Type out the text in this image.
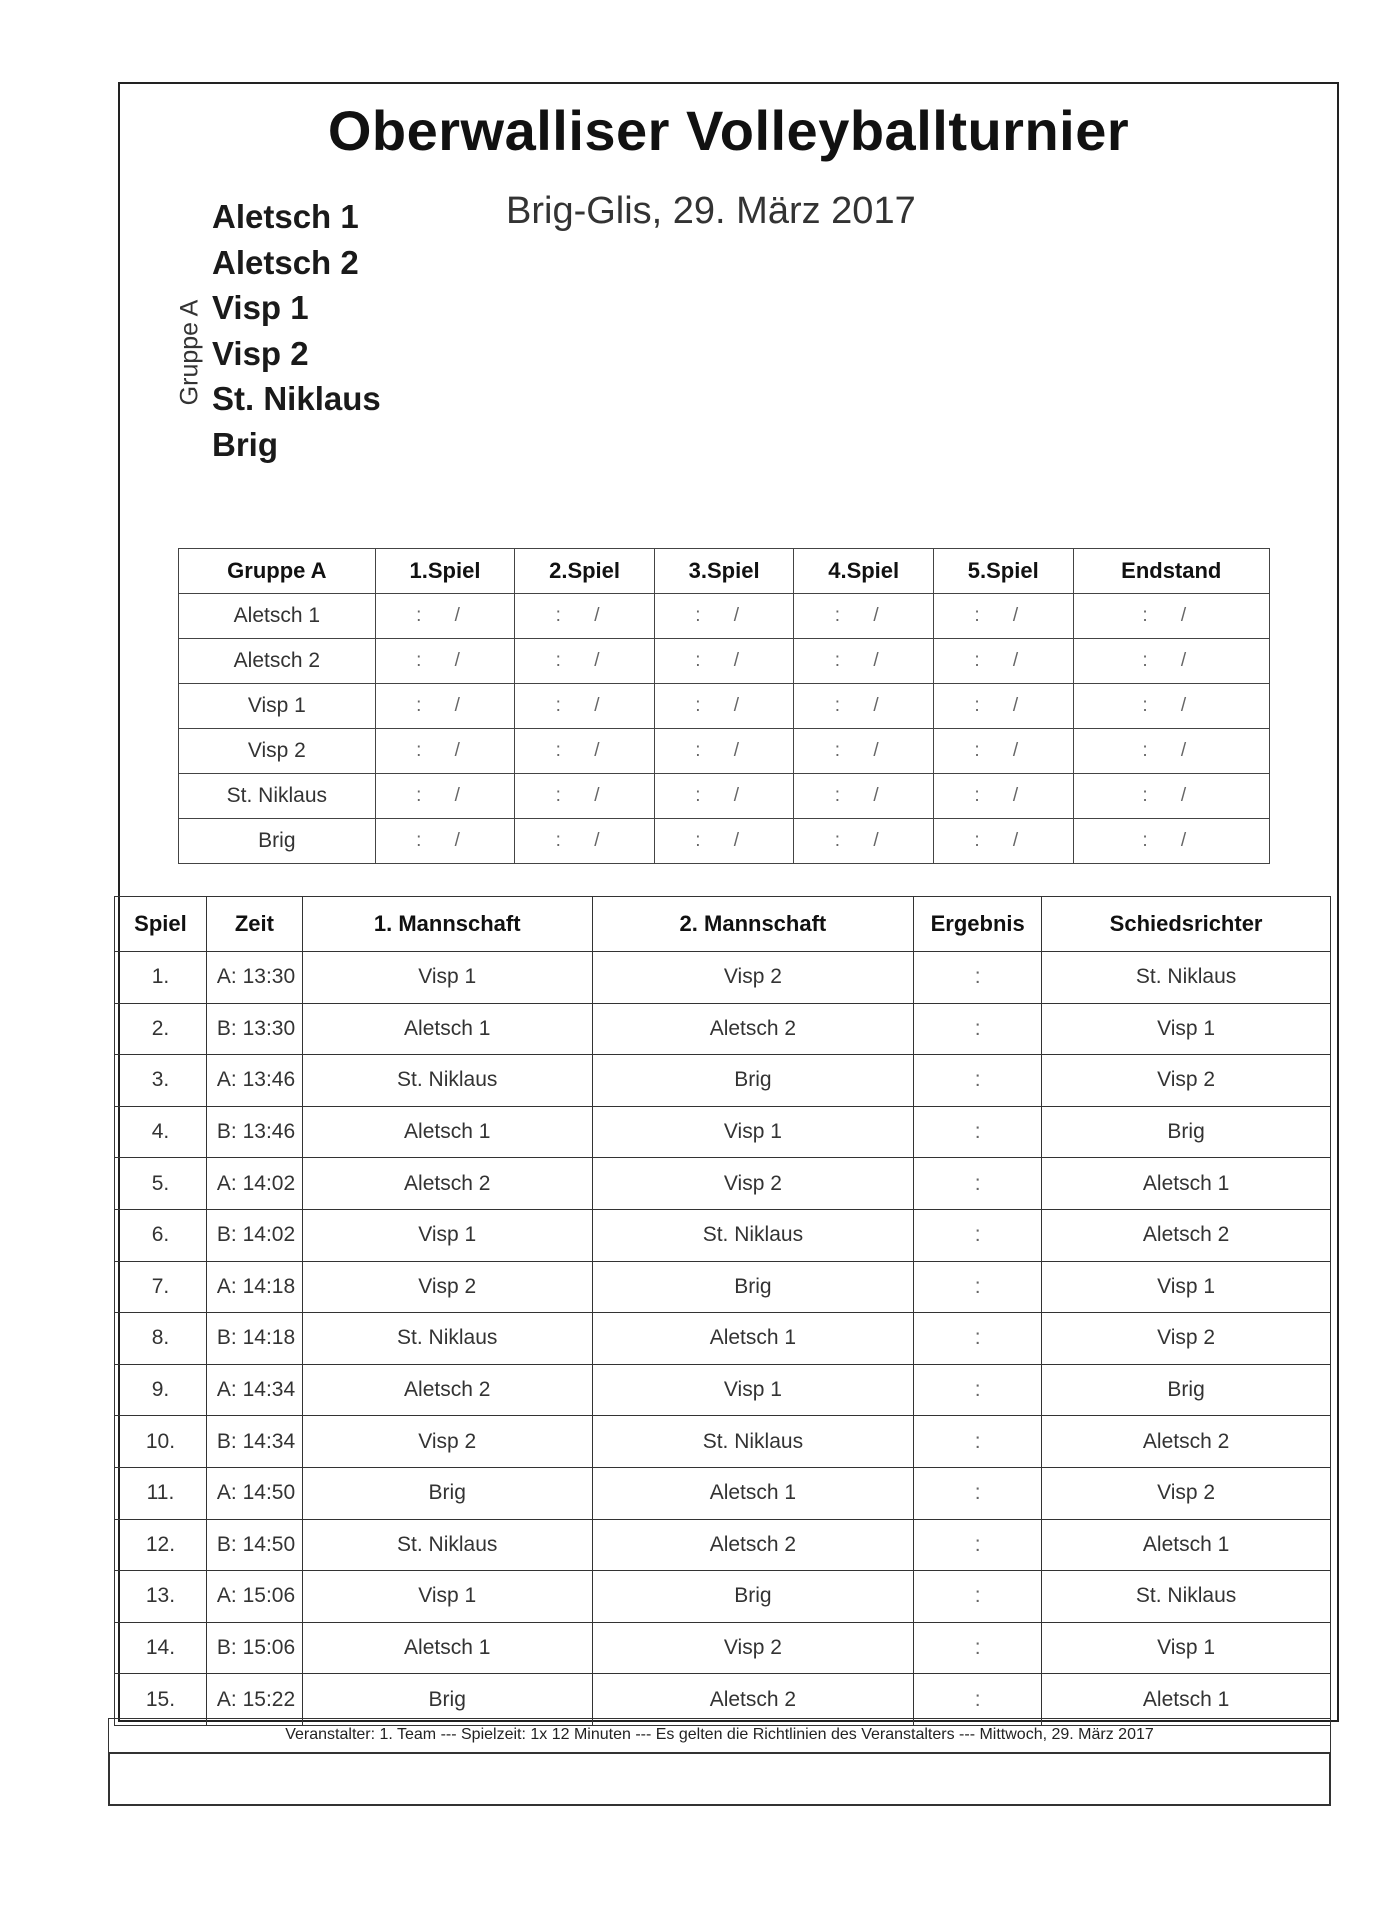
Oberwalliser Volleyballturnier
Gruppe A
Aletsch 1
Aletsch 2
Visp 1
Visp 2
St. Niklaus
Brig
Brig-Glis, 29. März 2017
Gruppe A	1.Spiel	2.Spiel	3.Spiel	4.Spiel	5.Spiel	Endstand
Aletsch 1	: /	: /	: /	: /	: /	: /
Aletsch 2	: /	: /	: /	: /	: /	: /
Visp 1	: /	: /	: /	: /	: /	: /
Visp 2	: /	: /	: /	: /	: /	: /
St. Niklaus	: /	: /	: /	: /	: /	: /
Brig	: /	: /	: /	: /	: /	: /
Spiel	Zeit	1. Mannschaft	2. Mannschaft	Ergebnis	Schiedsrichter
1.	A: 13:30	Visp 1	Visp 2	:	St. Niklaus
2.	B: 13:30	Aletsch 1	Aletsch 2	:	Visp 1
3.	A: 13:46	St. Niklaus	Brig	:	Visp 2
4.	B: 13:46	Aletsch 1	Visp 1	:	Brig
5.	A: 14:02	Aletsch 2	Visp 2	:	Aletsch 1
6.	B: 14:02	Visp 1	St. Niklaus	:	Aletsch 2
7.	A: 14:18	Visp 2	Brig	:	Visp 1
8.	B: 14:18	St. Niklaus	Aletsch 1	:	Visp 2
9.	A: 14:34	Aletsch 2	Visp 1	:	Brig
10.	B: 14:34	Visp 2	St. Niklaus	:	Aletsch 2
11.	A: 14:50	Brig	Aletsch 1	:	Visp 2
12.	B: 14:50	St. Niklaus	Aletsch 2	:	Aletsch 1
13.	A: 15:06	Visp 1	Brig	:	St. Niklaus
14.	B: 15:06	Aletsch 1	Visp 2	:	Visp 1
15.	A: 15:22	Brig	Aletsch 2	:	Aletsch 1
Veranstalter: 1. Team --- Spielzeit: 1x 12 Minuten --- Es gelten die Richtlinien des Veranstalters --- Mittwoch, 29. März 2017
